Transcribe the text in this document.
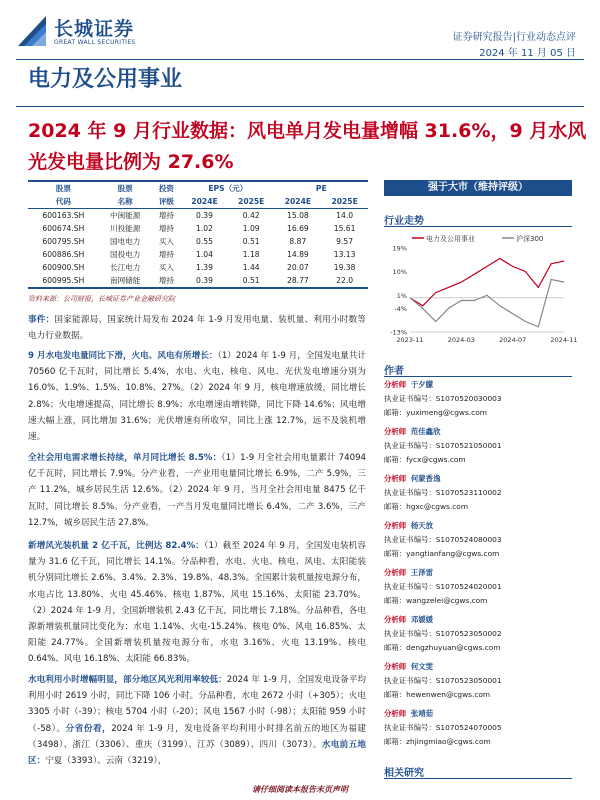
长城证券
GREAT WALL SECURITIES	证券研究报告|行业动态点评
2024 年 11 月 05 日
电力及公用事业
2024 年 9 月行业数据：风电单月发电量增幅 31.6%，9 月水风光发电量比例为 27.6%
股票	股票	投资	EPS（元）		PE	
代码	名称	评级	2024E	2025E	2024E	2025E
600163.SH	中闽能源	增持	0.39	0.42	15.08	14.0
600674.SH	川投能源	增持	1.02	1.09	16.69	15.61
600795.SH	国电电力	买入	0.55	0.51	8.87	9.57
600886.SH	国投电力	增持	1.04	1.18	14.89	13.13
600900.SH	长江电力	买入	1.39	1.44	20.07	19.38
600995.SH	南网储能	增持	0.39	0.51	28.77	22.0
资料来源：公司财报，长城证券产业金融研究院
事件：国家能源局、国家统计局发布 2024 年 1-9 月发用电量、装机量、利用小时数等电力行业数据。
9 月水电发电量同比下滑，火电、风电有所增长：（1）2024 年 1-9 月，全国发电量共计 70560 亿千瓦时，同比增长 5.4%，水电、火电、核电、风电、光伏发电增速分别为 16.0%、1.9%、1.5%、10.8%、27%。（2）2024 年 9 月，核电增速放缓，同比增长 2.8%；火电增速提高，同比增长 8.9%；水电增速由增转降，同比下降 14.6%；风电增速大幅上涨，同比增加 31.6%；光伏增速有所收窄，同比上涨 12.7%，远不及装机增速。
全社会用电需求增长持续，单月同比增长 8.5%：（1）1-9 月全社会用电量累计 74094 亿千瓦时，同比增长 7.9%。分产业看，一产业用电量同比增长 6.9%，二产 5.9%，三产 11.2%，城乡居民生活 12.6%。（2）2024 年 9 月，当月全社会用电量 8475 亿千瓦时，同比增长 8.5%。分产业看，一产当月发电量同比增长 6.4%，二产 3.6%，三产 12.7%，城乡居民生活 27.8%。
新增风光装机量 2 亿千瓦，比例达 82.4%：（1）截至 2024 年 9 月，全国发电装机容量为 31.6 亿千瓦，同比增长 14.1%。分品种看，水电、火电、核电、风电、太阳能装机分别同比增长 2.6%、3.4%、2.3%、19.8%、48.3%。全国累计装机量按电源分布，水电占比 13.80%、火电 45.46%、核电 1.87%、风电 15.16%、太阳能 23.70%。（2）2024 年 1-9 月，全国新增装机 2.43 亿千瓦，同比增长 7.18%。分品种看，各电源新增装机量同比变化为：水电 1.14%、火电-15.24%、核电 0%、风电 16.85%、太阳能 24.77%。全国新增装机量按电源分布，水电 3.16%、火电 13.19%、核电 0.64%、风电 16.18%、太阳能 66.83%。
水电利用小时增幅明显，部分地区风光利用率较低：2024 年 1-9 月，全国发电设备平均利用小时 2619 小时，同比下降 106 小时。分品种看，水电 2672 小时（+305）；火电 3305 小时（-39）；核电 5704 小时（-20）；风电 1567 小时（-98）；太阳能 959 小时（-58）。分省份看，2024 年 1-9 月，发电设备平均利用小时排名前五的地区为福建（3498）、浙江（3306）、重庆（3199）、江苏（3089）、四川（3073）。水电前五地区：宁夏（3393）、云南（3219），
强于大市（维持评级）
行业走势
电力及公用事业	沪深300
19%
10%
1%
-4%
-13%
2023-11	2024-03	2024-07	2024-11
作者
分析师 于夕朦
执业证书编号：S1070520030003
邮箱：yuximeng@cgws.com
分析师 范佳鑫欣
执业证书编号：S1070521050001
邮箱：fycx@cgws.com
分析师 何蒙香逸
执业证书编号：S1070523110002
邮箱：hgxc@cgws.com
分析师 杨天放
执业证书编号：S1070524080003
邮箱：yangtianfang@cgws.com
分析师 王泽雷
执业证书编号：S1070524020001
邮箱：wangzelei@cgws.com
分析师 邓媛媛
执业证书编号：S1070523050002
邮箱：dengzhuyuan@cgws.com
分析师 何文雯
执业证书编号：S1070523050001
邮箱：hewenwen@cgws.com
分析师 张靖茹
执业证书编号：S1070524070005
邮箱：zhjingmiao@cgws.com
相关研究
请仔细阅读本报告末页声明
